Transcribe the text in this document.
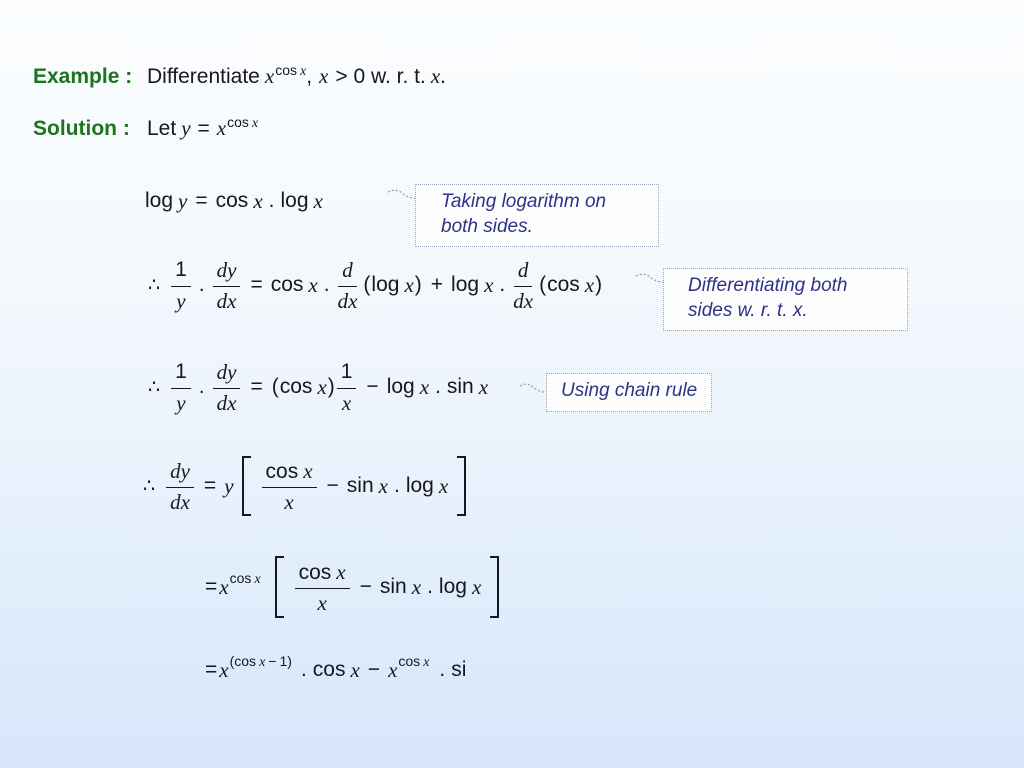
Example : Differentiate x cos x , x > 0 w. r. t. x .
Solution : Let y = x cos x
log y = cos x . log x	Taking logarithm on both sides.
∴ $\frac{1}{y}$ . $\frac{dy}{dx} = \cos x$ . $\frac{d}{dx}$ ( log x ) + log x . $\frac{d}{dx}$ ( cos x )	Differentiating both sides w. r. t. x.
∴ $\frac{1}{y}$ . $\frac{dy}{dx}$ = ( cos x ) $\frac{1}{x} - \log x$ . sin x	Using chain rule
∴ $\frac{dy}{dx} = y \frac{\text{cos x}}{x} - \sin x$ . log x
= x cos x $\frac{\text{cos x}}{x} - \sin x$ . log x
= x (cos x − 1) . cos x − x cos x . si
